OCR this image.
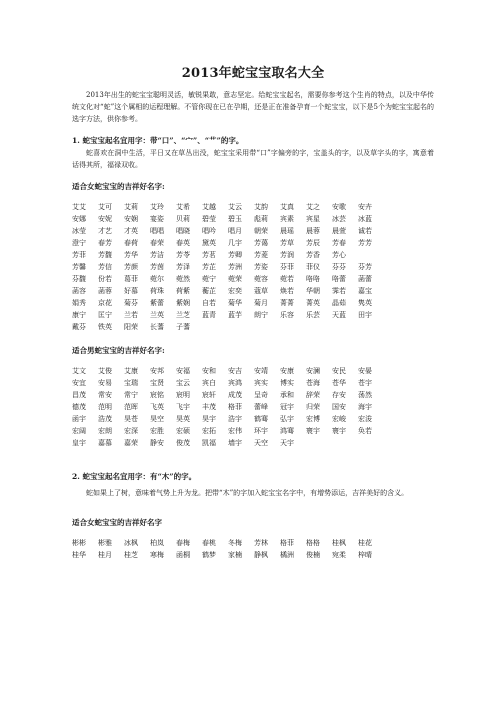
2013年蛇宝宝取名大全

2013年出生的蛇宝宝聪明灵活，敏锐果敢，意志坚定。给蛇宝宝起名，需要你参考这个生肖的特点，以及中华传统文化对“蛇”这个属相的运程理解。不管你现在已在孕期，还是正在准备孕育一个蛇宝宝，以下是5个为蛇宝宝起名的选字方法，供你参考。

1. 蛇宝宝起名宜用字：带“口”、“宀”、“艹”的字。

蛇喜欢在洞中生活，平日又在草丛出没，蛇宝宝采用带“口”字偏旁的字，宝盖头的字，以及草字头的字，寓意着话得其所，福禄双收。

适合女蛇宝宝的吉祥好名字:

艾艾 艾可 艾莉 艾玲 艾希 艾越 艾云 艾韵 艾真 艾之 安歌 安卉
安娜 安妮 安娴 宴姿 贝莉 碧莹 碧玉 彪莉 宾素 宾星 冰芸 冰蓝
冰莹 才艺 才英 唱唱 唱晓 唱吟 唱月 朝荣 晨瑶 晨蓉 晨萱 诚若
澄宁 春芳 春荷 春荣 春英 黛英 几宇 芳蔼 芳草 芳辰 芳春 芳芳
芳菲 芳馥 芳华 芳洁 芳苓 芳茗 芳卿 芳菱 芳润 芳香 芳心
芳馨 芳信 芳颜 芳茵 芳泽 芳芷 芳洲 芳姿 芬菲 菲仪 芬芬 芬芳
芬馥 份若 葛菲 菀尔 菀然 菀宁 菀荣 菀容 菀若 咯咯 咯蕾 菡蕾
菡容 菡蓉 好慕 荷珠 荷紫 蘅芷 宏奕 蔻草 焕若 华朝 霁若 嘉宝
娟秀 京花 菊芬 紫蕾 紫娴 自若 菊华 菊月 菁菁 菁英 晶茹 隽英
康宁 匡宁 兰若 兰英 兰芝 蓝青 蓝芋 朗宁 乐容 乐芸 天蓝 田宇
戴芬 铁英 阳荣 长蓍 子蓍

适合男蛇宝宝的吉祥好名字:

艾文 艾俊 艾康 安邦 安福 安和 安吉 安靖 安康 安澜 安民 安晏
安宜 安易 宝瑞 宝贤 宝云 宾白 宾鸿 宾实 博实 苍海 苍华 苍宇
昌茂 常安 常宁 宸铭 宸明 宸轩 成茂 呈奇 承和 辞荣 存安 荡然
德茂 范明 范晖 飞英 飞宇 丰茂 格菲 蕾峰 冠宇 归荣 国安 海宇
函宇 浩茂 昊苍 昊空 昊英 昊宇 浩宇 鹤骞 弘宇 宏博 宏峻 宏浚
宏阔 宏朗 宏深 宏胜 宏硕 宏拓 宏伟 环宇 鸿骞 寰宇 寰宇 奂若
皇宇 嘉慕 嘉荣 静安 俊茂 凯福 墙宇 天空 天宇

2. 蛇宝宝起名宜用字：有“木”的字。

蛇如果上了树，意味着气势上升为龙。把带“木”的字加入蛇宝宝名字中，有增势添运，吉祥美好的含义。

适合女蛇宝宝的吉祥好名字

彬彬 彬雅 冰枫 柏岚 春梅 春桃 冬梅 芳林 格菲 格格 桂枫 桂花
桂华 桂月 桂芝 寒梅 函桐 鹤梦 家楠 静枫 橘洲 俊楠 宛柔 梓晴
